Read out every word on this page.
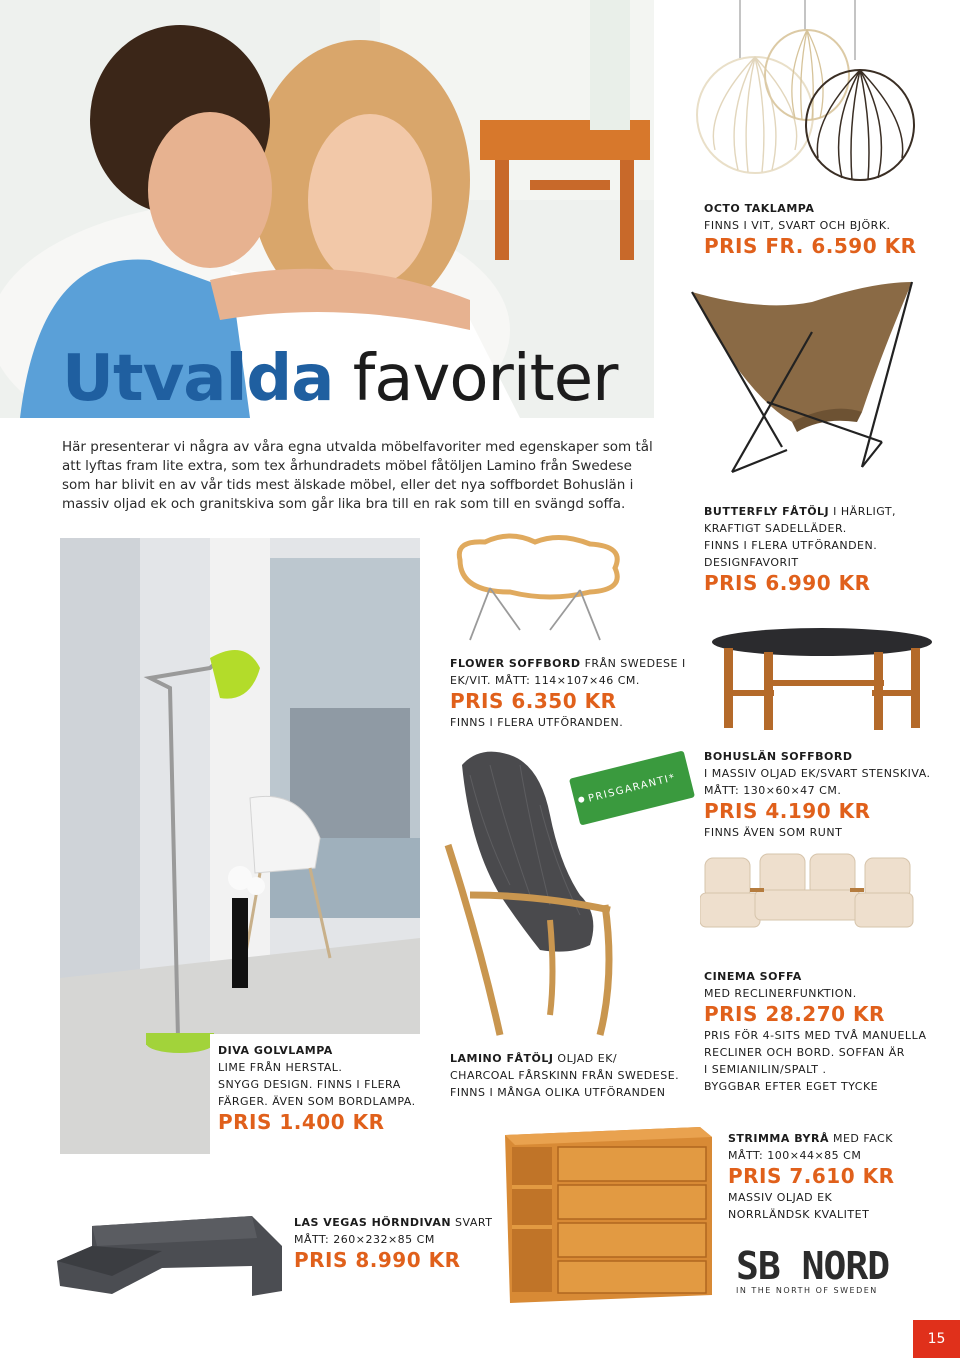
Utvalda favoriter

Här presenterar vi några av våra egna utvalda möbelfavoriter med egenskaper som tål att lyftas fram lite extra, som tex århundradets möbel fåtöljen Lamino från Swedese som har blivit en av vår tids mest älskade möbel, eller det nya soffbordet Bohuslän i massiv oljad ek och granitskiva som går lika bra till en rak som till en svängd soffa.

OCTO TAKLAMPA
FINNS I VIT, SVART OCH BJÖRK.
PRIS FR. 6.590 KR
BUTTERFLY FÅTÖLJ I HÄRLIGT,
KRAFTIGT SADELLÄDER.
FINNS I FLERA UTFÖRANDEN.
DESIGNFAVORIT
PRIS 6.990 KR
DIVA GOLVLAMPA
LIME FRÅN HERSTAL.
SNYGG DESIGN. FINNS I FLERA
FÄRGER. ÄVEN SOM BORDLAMPA.
PRIS 1.400 KR
FLOWER SOFFBORD FRÅN SWEDESE I
EK/VIT. MÅTT: 114×107×46 CM.
PRIS 6.350 KR
FINNS I FLERA UTFÖRANDEN.
BOHUSLÄN SOFFBORD
I MASSIV OLJAD EK/SVART STENSKIVA.
MÅTT: 130×60×47 CM.
PRIS 4.190 KR
FINNS ÄVEN SOM RUNT
PRISGARANTI*
LAMINO FÅTÖLJ OLJAD EK/
CHARCOAL FÅRSKINN FRÅN SWEDESE.
FINNS I MÅNGA OLIKA UTFÖRANDEN
CINEMA SOFFA
MED RECLINERFUNKTION.
PRIS 28.270 KR
PRIS FÖR 4-SITS MED TVÅ MANUELLA
RECLINER OCH BORD. SOFFAN ÄR
I SEMIANILIN/SPALT .
BYGGBAR EFTER EGET TYCKE
LAS VEGAS HÖRNDIVAN SVART
MÅTT: 260×232×85 CM
PRIS 8.990 KR
STRIMMA BYRÅ MED FACK
MÅTT: 100×44×85 CM
PRIS 7.610 KR
MASSIV OLJAD EK
NORRLÄNDSK KVALITET
SB NORD
IN THE NORTH OF SWEDEN
15
